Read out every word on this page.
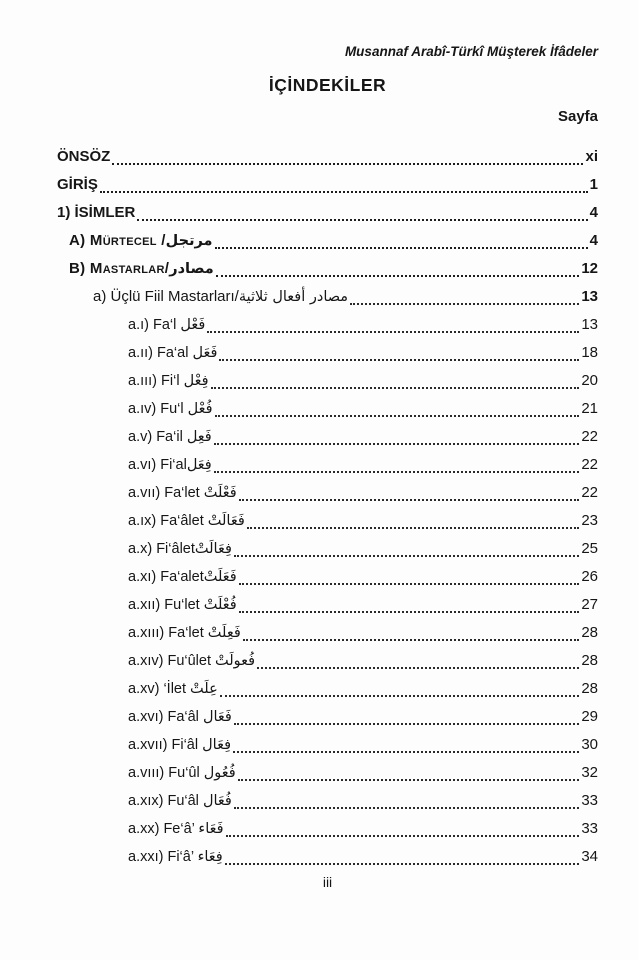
Musannaf Arabî-Türkî Müşterek İfâdeler
İÇİNDEKİLER
Sayfa
ÖNSÖZ	xi
GİRİŞ	1
1) İSİMLER	4
A) Mürtecel /مرتجل	4
B) Mastarlar/مصادر	12
a) Üçlü Fiil Mastarları/مصادر أفعال ثلاثية	13
a.ı) Fa‘l فَعْل	13
a.ıı) Fa‘al فَعَل	18
a.ııı) Fi‘l فِعْل	20
a.ıv) Fu‘l فُعْل	21
a.v) Fa‘il فَعِل	22
a.vı) Fi‘alفِعَل	22
a.vıı) Fa‘let فَعْلَتْ	22
a.ıx) Fa‘âlet فَعَالَتْ	23
a.x) Fi‘âletفِعَالَتْ	25
a.xı) Fa‘aletفَعَلَتْ	26
a.xıı) Fu‘let فُعْلَتْ	27
a.xııı) Fa‘let فَعِلَتْ	28
a.xıv) Fu‘ûlet فُعولَتْ	28
a.xv) ‘İlet عِلَتْ	28
a.xvı) Fa‘âl فَعَال	29
a.xvıı) Fi‘âl فِعَال	30
a.vııı) Fu‘ûl فُعُول	32
a.xıx) Fu‘âl فُعَال	33
a.xx) Fe‘â’ فَعَاء	33
a.xxı) Fi‘â’ فِعَاء	34
iii
